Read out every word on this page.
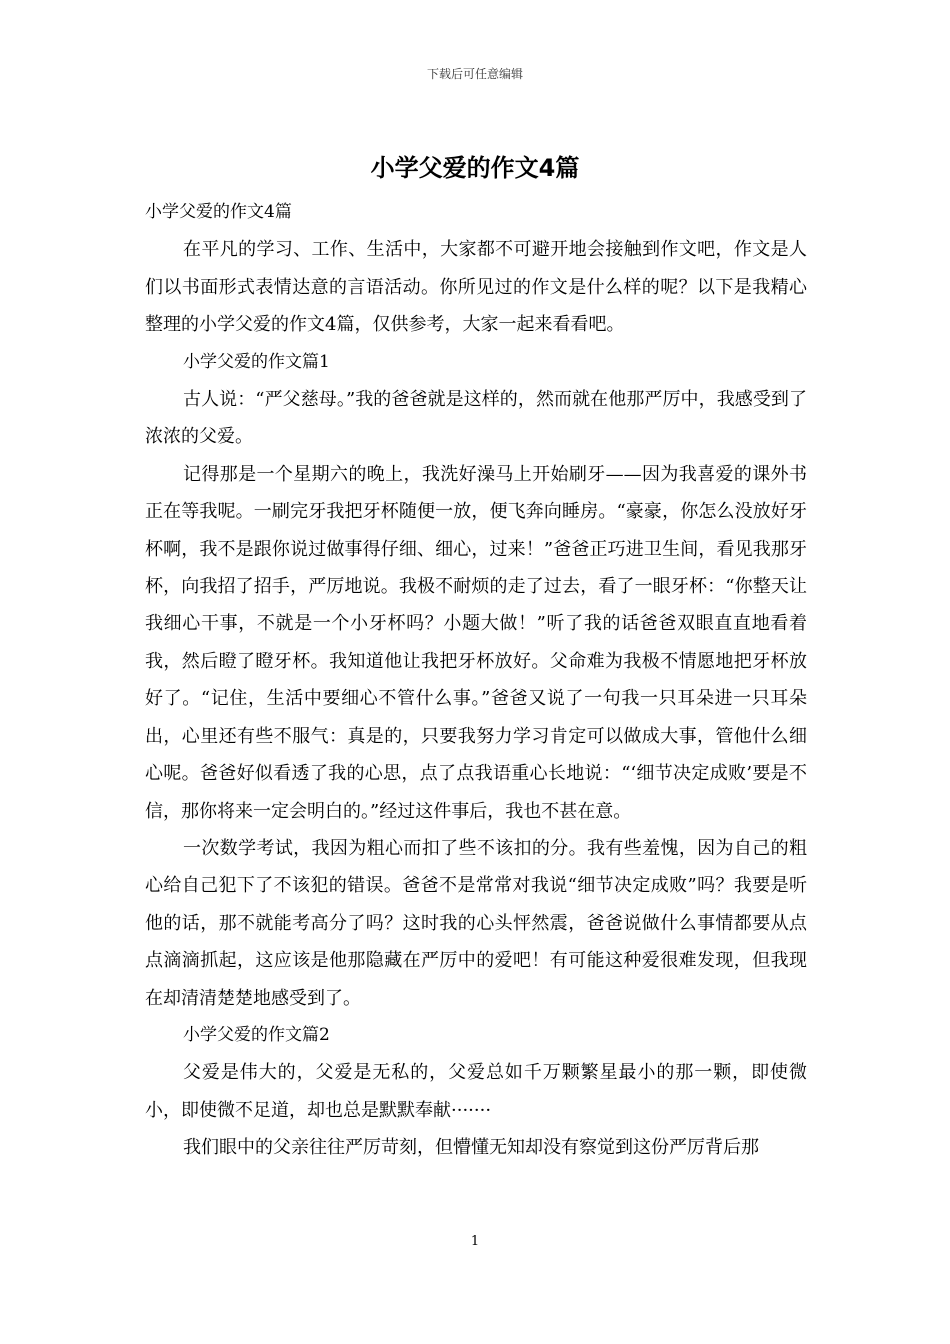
下载后可任意编辑
小学父爱的作文4篇

小学父爱的作文4篇

在平凡的学习、工作、生活中，大家都不可避开地会接触到作文吧，作文是人们以书面形式表情达意的言语活动。你所见过的作文是什么样的呢？以下是我精心整理的小学父爱的作文4篇，仅供参考，大家一起来看看吧。

小学父爱的作文篇1

古人说：“严父慈母。”我的爸爸就是这样的，然而就在他那严厉中，我感受到了浓浓的父爱。

记得那是一个星期六的晚上，我洗好澡马上开始刷牙——因为我喜爱的课外书正在等我呢。一刷完牙我把牙杯随便一放，便飞奔向睡房。“豪豪，你怎么没放好牙杯啊，我不是跟你说过做事得仔细、细心，过来！”爸爸正巧进卫生间，看见我那牙杯，向我招了招手，严厉地说。我极不耐烦的走了过去，看了一眼牙杯：“你整天让我细心干事，不就是一个小牙杯吗？小题大做！”听了我的话爸爸双眼直直地看着我，然后瞪了瞪牙杯。我知道他让我把牙杯放好。父命难为我极不情愿地把牙杯放好了。“记住，生活中要细心不管什么事。”爸爸又说了一句我一只耳朵进一只耳朵出，心里还有些不服气：真是的，只要我努力学习肯定可以做成大事，管他什么细心呢。爸爸好似看透了我的心思，点了点我语重心长地说：“‘细节决定成败’要是不信，那你将来一定会明白的。”经过这件事后，我也不甚在意。

一次数学考试，我因为粗心而扣了些不该扣的分。我有些羞愧，因为自己的粗心给自己犯下了不该犯的错误。爸爸不是常常对我说“细节决定成败”吗？我要是听他的话，那不就能考高分了吗？这时我的心头怦然震，爸爸说做什么事情都要从点点滴滴抓起，这应该是他那隐藏在严厉中的爱吧！有可能这种爱很难发现，但我现在却清清楚楚地感受到了。

小学父爱的作文篇2

父爱是伟大的，父爱是无私的，父爱总如千万颗繁星最小的那一颗，即使微小，即使微不足道，却也总是默默奉献·······

我们眼中的父亲往往严厉苛刻，但懵懂无知却没有察觉到这份严厉背后那

1
